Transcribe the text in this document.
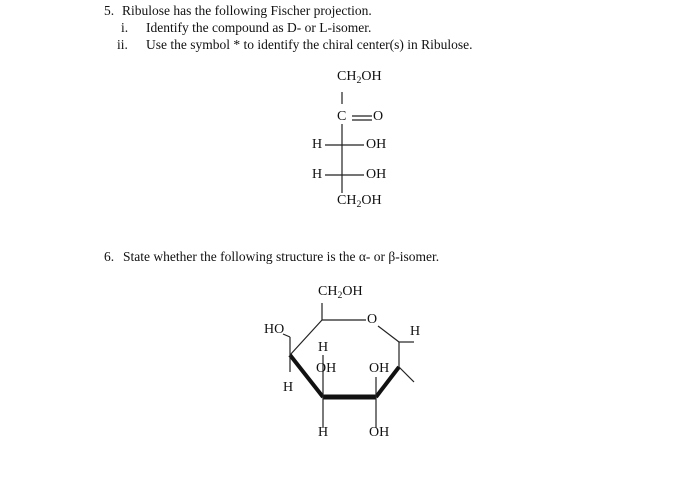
5. Ribulose has the following Fischer projection.
i. Identify the compound as D- or L-isomer.
ii. Use the symbol * to identify the chiral center(s) in Ribulose.
$CH_2OH$
C O
H	OH
H	OH
$CH_2OH$
6. State whether the following structure is the α- or β-isomer.
$CH_2OH$
O
HO
H
H
OH OH
H
H
OH
